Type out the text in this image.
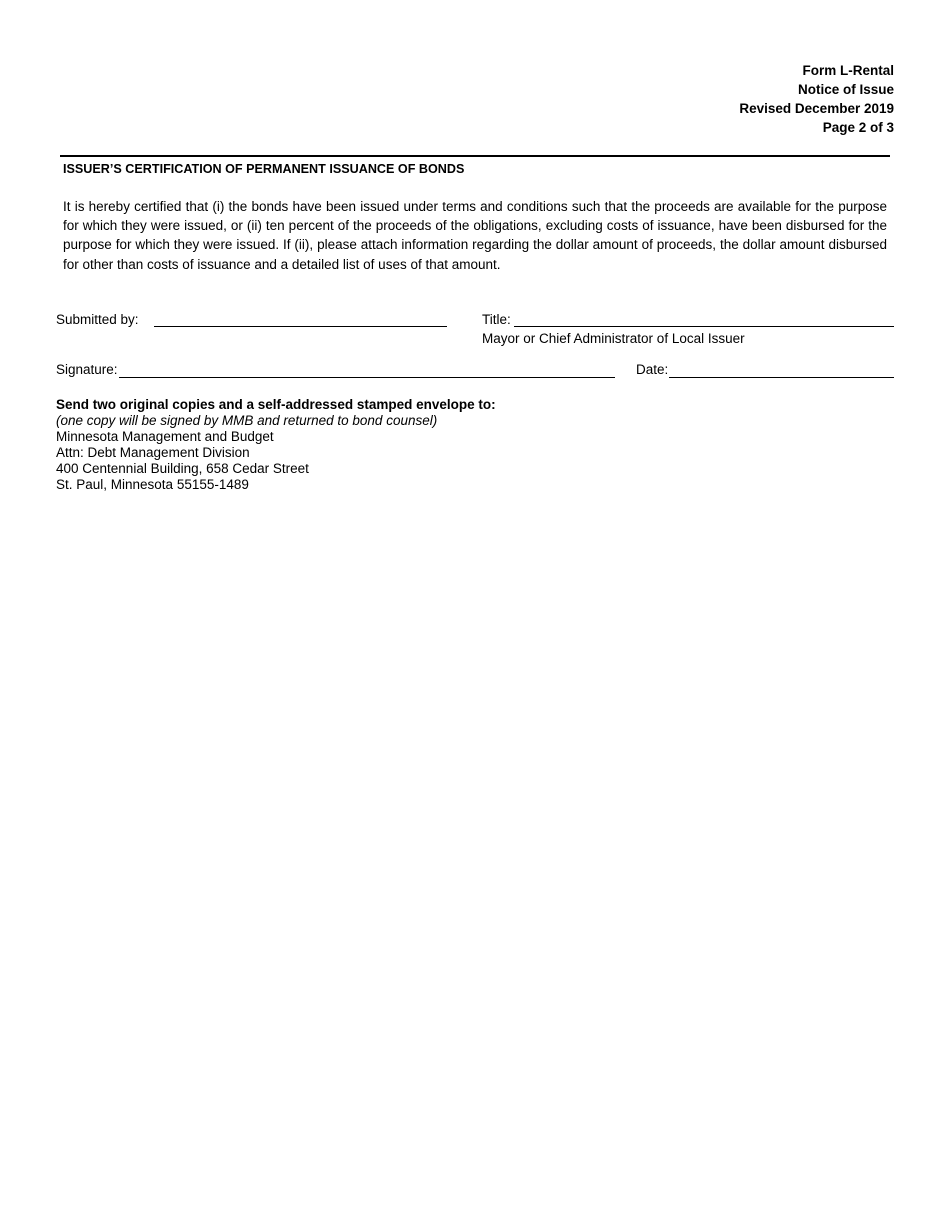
Form L-Rental
Notice of Issue
Revised December 2019
Page 2 of 3
ISSUER’S CERTIFICATION OF PERMANENT ISSUANCE OF BONDS
It is hereby certified that (i) the bonds have been issued under terms and conditions such that the proceeds are available for the purpose for which they were issued, or (ii) ten percent of the proceeds of the obligations, excluding costs of issuance, have been disbursed for the purpose for which they were issued. If (ii), please attach information regarding the dollar amount of proceeds, the dollar amount disbursed for other than costs of issuance and a detailed list of uses of that amount.
Submitted by:	Title:
Mayor or Chief Administrator of Local Issuer
Signature:	Date:
Send two original copies and a self-addressed stamped envelope to:
(one copy will be signed by MMB and returned to bond counsel)
Minnesota Management and Budget
Attn: Debt Management Division
400 Centennial Building, 658 Cedar Street
St. Paul, Minnesota 55155-1489
